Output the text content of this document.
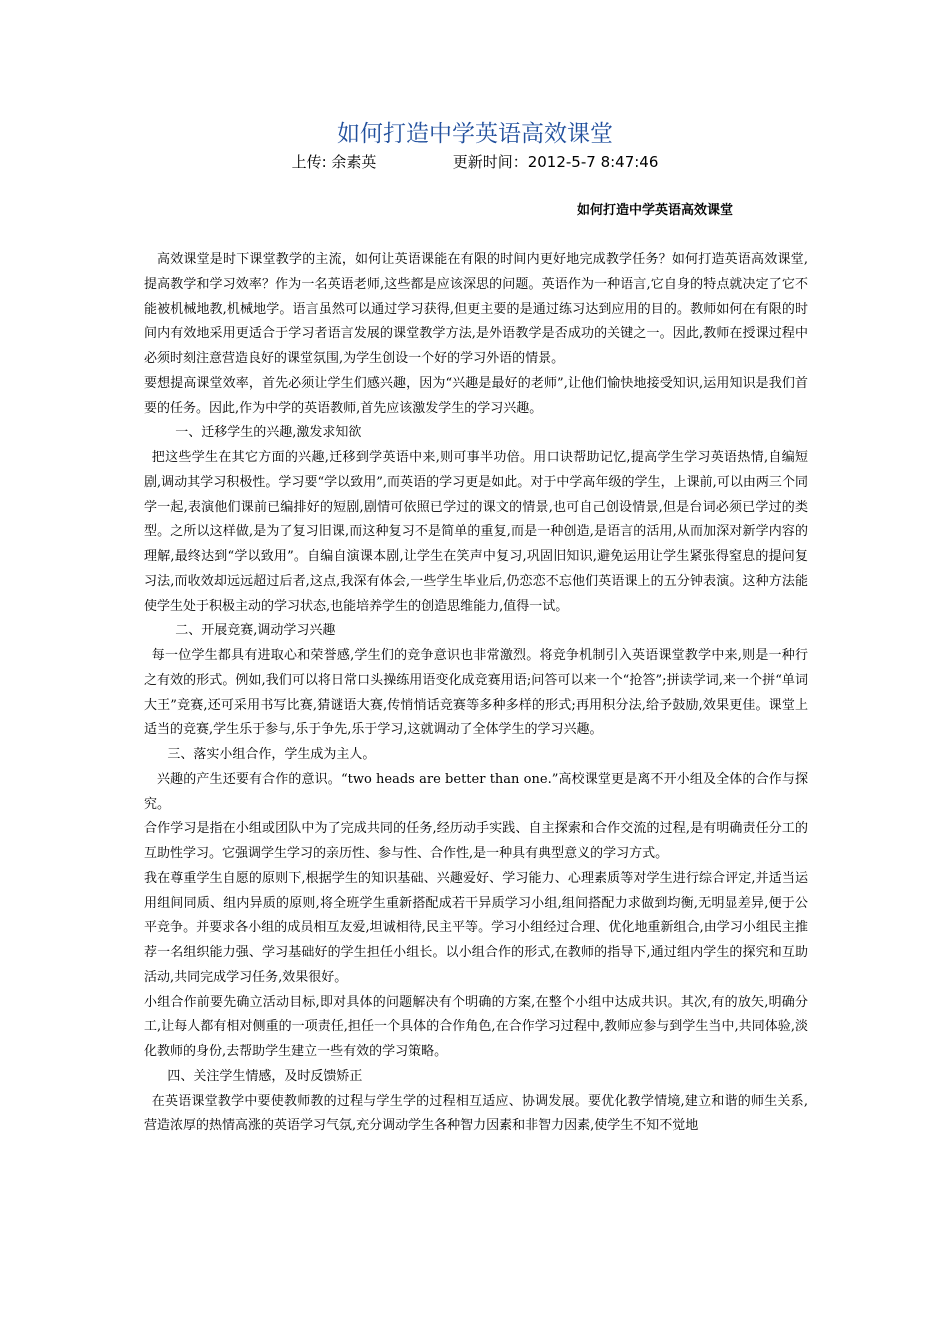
如何打造中学英语高效课堂
上传: 余素英	更新时间：2012-5-7 8:47:46
如何打造中学英语高效课堂

高效课堂是时下课堂教学的主流，如何让英语课能在有限的时间内更好地完成教学任务？如何打造英语高效课堂,提高教学和学习效率？作为一名英语老师,这些都是应该深思的问题。英语作为一种语言,它自身的特点就决定了它不能被机械地教,机械地学。语言虽然可以通过学习获得,但更主要的是通过练习达到应用的目的。教师如何在有限的时间内有效地采用更适合于学习者语言发展的课堂教学方法,是外语教学是否成功的关键之一。因此,教师在授课过程中必须时刻注意营造良好的课堂氛围,为学生创设一个好的学习外语的情景。

要想提高课堂效率，首先必须让学生们感兴趣，因为“兴趣是最好的老师”,让他们愉快地接受知识,运用知识是我们首要的任务。因此,作为中学的英语教师,首先应该激发学生的学习兴趣。

一、迁移学生的兴趣,激发求知欲

把这些学生在其它方面的兴趣,迁移到学英语中来,则可事半功倍。用口诀帮助记忆,提高学生学习英语热情,自编短剧,调动其学习积极性。学习要“学以致用”,而英语的学习更是如此。对于中学高年级的学生，上课前,可以由两三个同学一起,表演他们课前已编排好的短剧,剧情可依照已学过的课文的情景,也可自己创设情景,但是台词必须已学过的类型。之所以这样做,是为了复习旧课,而这种复习不是简单的重复,而是一种创造,是语言的活用,从而加深对新学内容的理解,最终达到“学以致用”。自编自演课本剧,让学生在笑声中复习,巩固旧知识,避免运用让学生紧张得窒息的提问复习法,而收效却远远超过后者,这点,我深有体会,一些学生毕业后,仍恋恋不忘他们英语课上的五分钟表演。这种方法能使学生处于积极主动的学习状态,也能培养学生的创造思维能力,值得一试。

二、开展竞赛,调动学习兴趣

每一位学生都具有进取心和荣誉感,学生们的竞争意识也非常激烈。将竞争机制引入英语课堂教学中来,则是一种行之有效的形式。例如,我们可以将日常口头操练用语变化成竞赛用语;问答可以来一个“抢答”;拼读学词,来一个拼“单词大王”竞赛,还可采用书写比赛,猜谜语大赛,传悄悄话竞赛等多种多样的形式;再用积分法,给予鼓励,效果更佳。课堂上适当的竞赛,学生乐于参与,乐于争先,乐于学习,这就调动了全体学生的学习兴趣。

三、落实小组合作，学生成为主人。

兴趣的产生还要有合作的意识。“two heads are better than one.”高校课堂更是离不开小组及全体的合作与探究。

合作学习是指在小组或团队中为了完成共同的任务,经历动手实践、自主探索和合作交流的过程,是有明确责任分工的互助性学习。它强调学生学习的亲历性、参与性、合作性,是一种具有典型意义的学习方式。

我在尊重学生自愿的原则下,根据学生的知识基础、兴趣爱好、学习能力、心理素质等对学生进行综合评定,并适当运用组间同质、组内异质的原则,将全班学生重新搭配成若干异质学习小组,组间搭配力求做到均衡,无明显差异,便于公平竞争。并要求各小组的成员相互友爱,坦诚相待,民主平等。学习小组经过合理、优化地重新组合,由学习小组民主推荐一名组织能力强、学习基础好的学生担任小组长。以小组合作的形式,在教师的指导下,通过组内学生的探究和互助活动,共同完成学习任务,效果很好。

小组合作前要先确立活动目标,即对具体的问题解决有个明确的方案,在整个小组中达成共识。其次,有的放矢,明确分工,让每人都有相对侧重的一项责任,担任一个具体的合作角色,在合作学习过程中,教师应参与到学生当中,共同体验,淡化教师的身份,去帮助学生建立一些有效的学习策略。

四、关注学生情感，及时反馈矫正

在英语课堂教学中要使教师教的过程与学生学的过程相互适应、协调发展。要优化教学情境,建立和谐的师生关系,营造浓厚的热情高涨的英语学习气氛,充分调动学生各种智力因素和非智力因素,使学生不知不觉地
